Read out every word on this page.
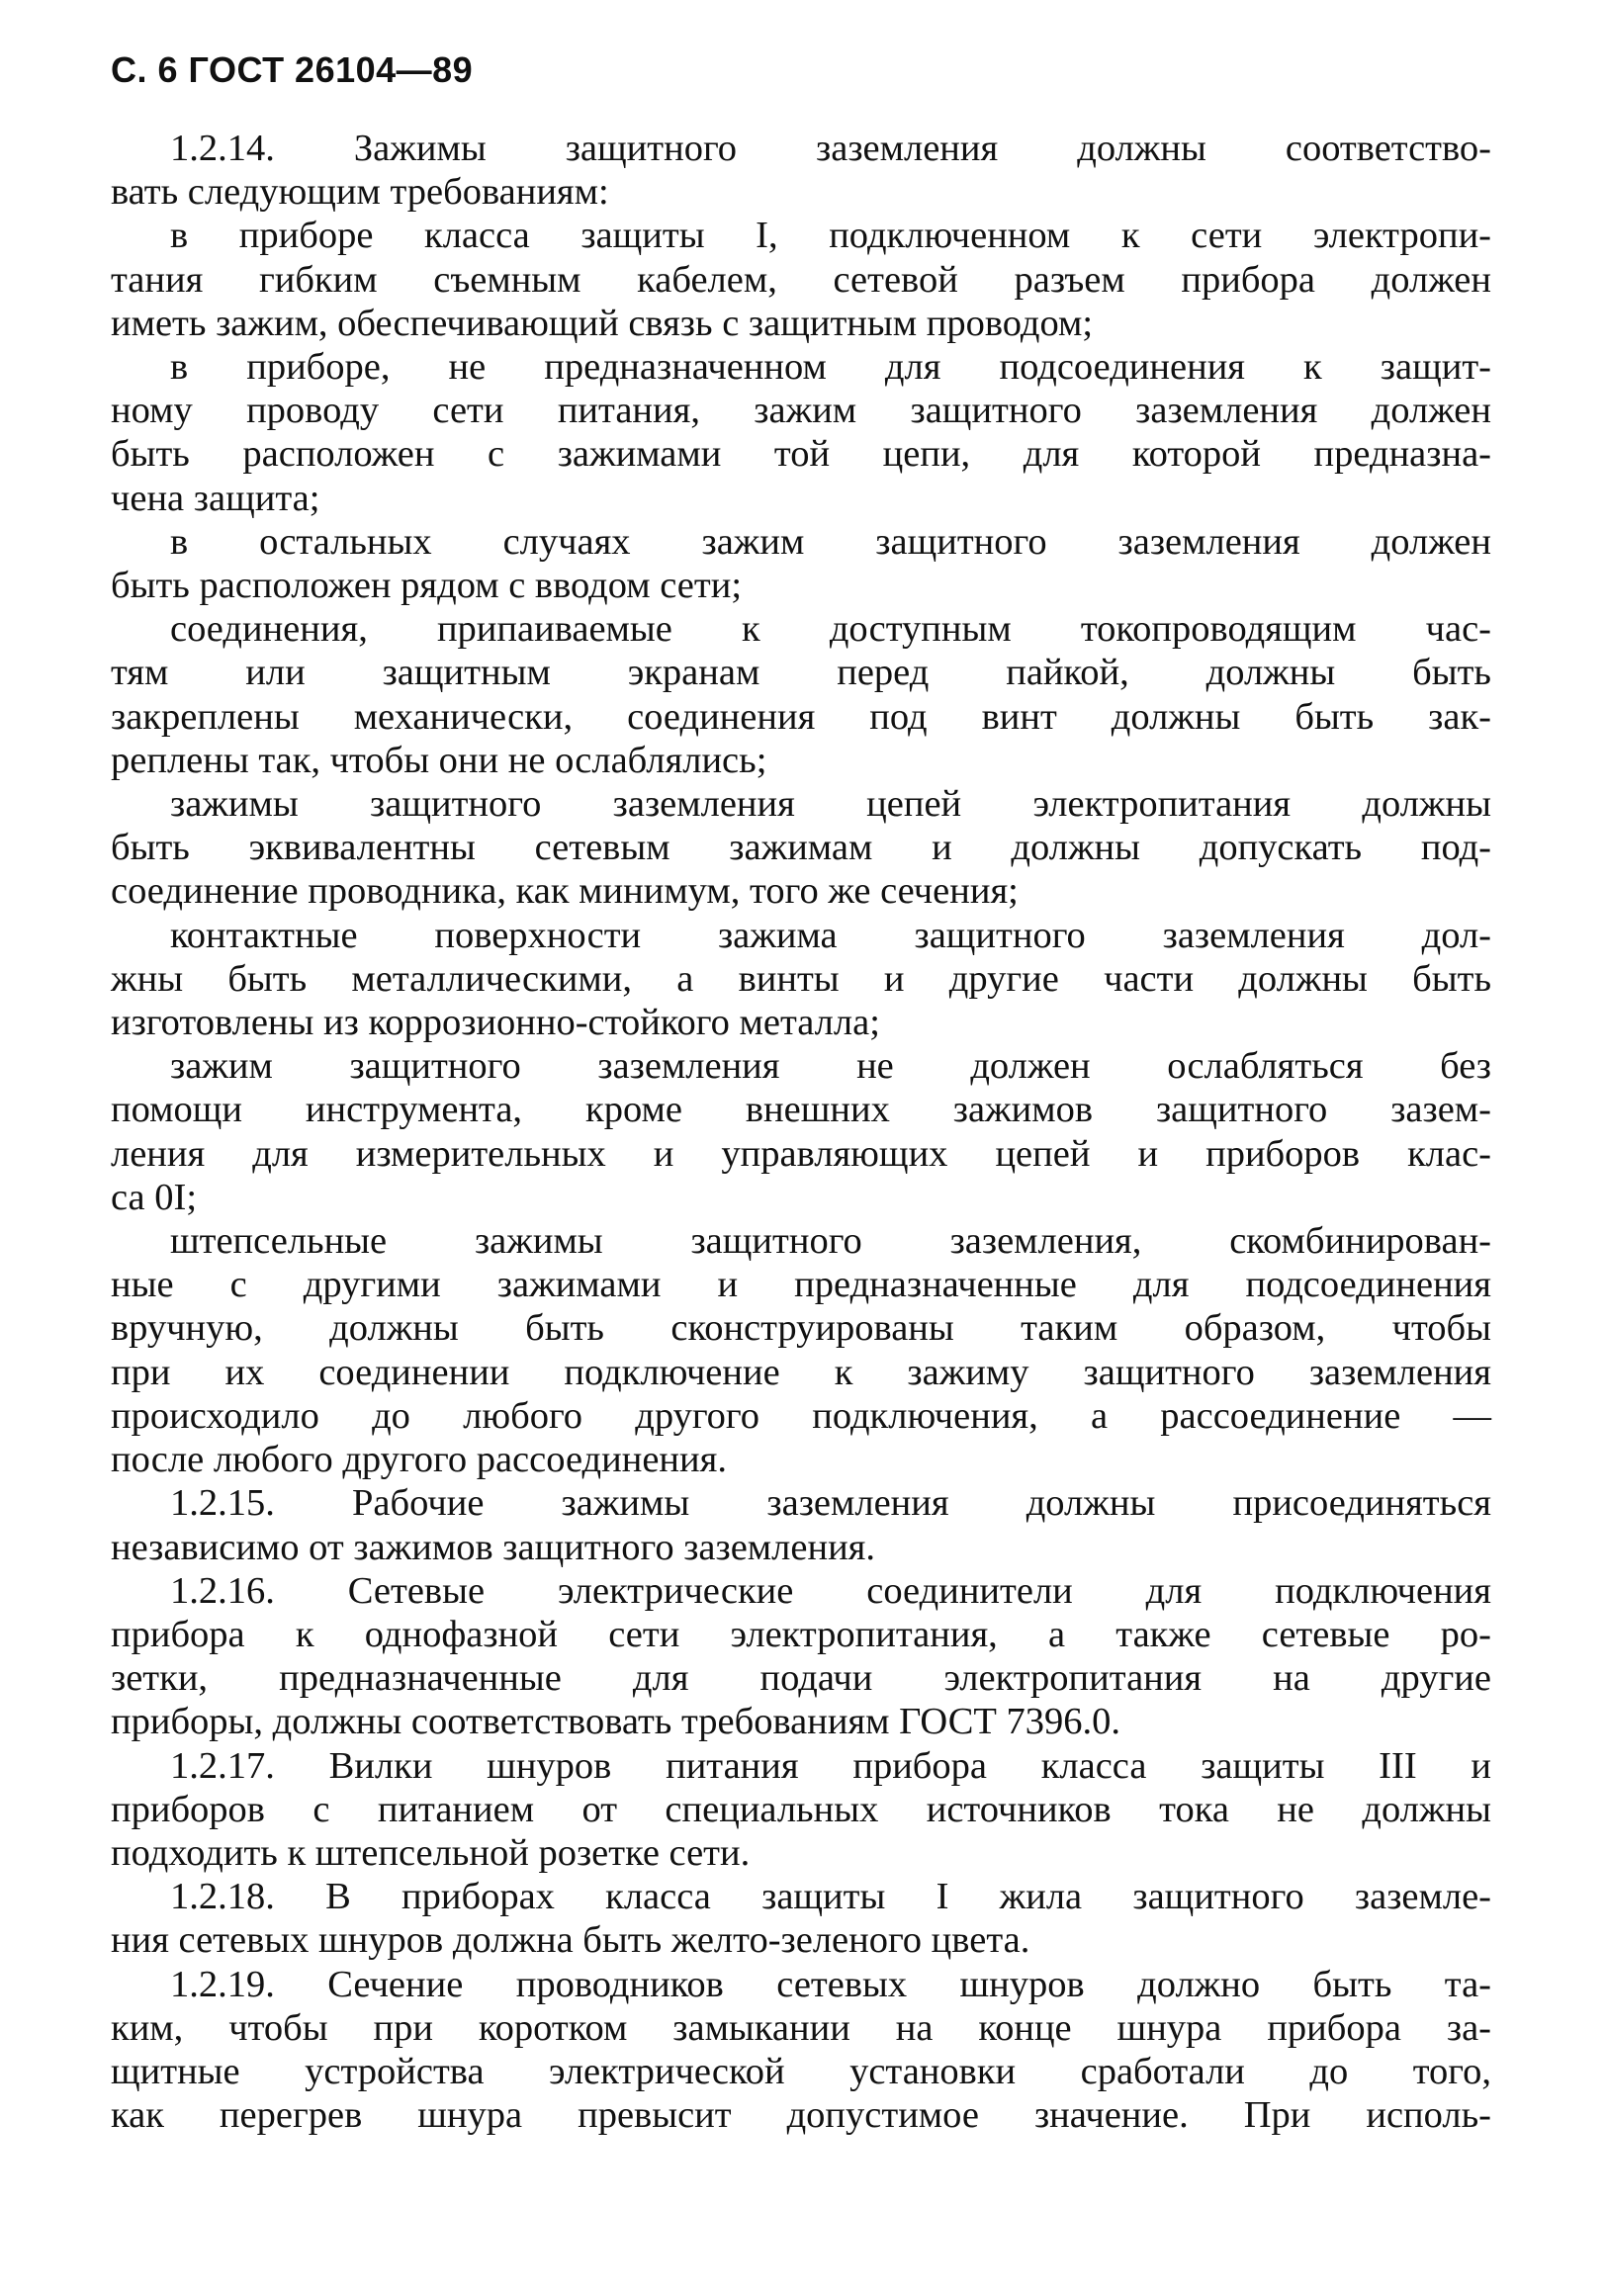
С. 6 ГОСТ 26104—89
1.2.14. Зажимы защитного заземления должны соответство-
вать следующим требованиям:
в приборе класса защиты I, подключенном к сети электропи-
тания гибким съемным кабелем, сетевой разъем прибора должен
иметь зажим, обеспечивающий связь с защитным проводом;
в приборе, не предназначенном для подсоединения к защит-
ному проводу сети питания, зажим защитного заземления должен
быть расположен с зажимами той цепи, для которой предназна-
чена защита;
в остальных случаях зажим защитного заземления должен
быть расположен рядом с вводом сети;
соединения, припаиваемые к доступным токопроводящим час-
тям или защитным экранам перед пайкой, должны быть
закреплены механически, соединения под винт должны быть зак-
реплены так, чтобы они не ослаблялись;
зажимы защитного заземления цепей электропитания должны
быть эквивалентны сетевым зажимам и должны допускать под-
соединение проводника, как минимум, того же сечения;
контактные поверхности зажима защитного заземления дол-
жны быть металлическими, а винты и другие части должны быть
изготовлены из коррозионно-стойкого металла;
зажим защитного заземления не должен ослабляться без
помощи инструмента, кроме внешних зажимов защитного зазем-
ления для измерительных и управляющих цепей и приборов клас-
са 0I;
штепсельные зажимы защитного заземления, скомбинирован-
ные с другими зажимами и предназначенные для подсоединения
вручную, должны быть сконструированы таким образом, чтобы
при их соединении подключение к зажиму защитного заземления
происходило до любого другого подключения, а рассоединение —
после любого другого рассоединения.
1.2.15. Рабочие зажимы заземления должны присоединяться
независимо от зажимов защитного заземления.
1.2.16. Сетевые электрические соединители для подключения
прибора к однофазной сети электропитания, а также сетевые ро-
зетки, предназначенные для подачи электропитания на другие
приборы, должны соответствовать требованиям ГОСТ 7396.0.
1.2.17. Вилки шнуров питания прибора класса защиты III и
приборов с питанием от специальных источников тока не должны
подходить к штепсельной розетке сети.
1.2.18. В приборах класса защиты I жила защитного заземле-
ния сетевых шнуров должна быть желто-зеленого цвета.
1.2.19. Сечение проводников сетевых шнуров должно быть та-
ким, чтобы при коротком замыкании на конце шнура прибора за-
щитные устройства электрической установки сработали до того,
как перегрев шнура превысит допустимое значение. При исполь-
